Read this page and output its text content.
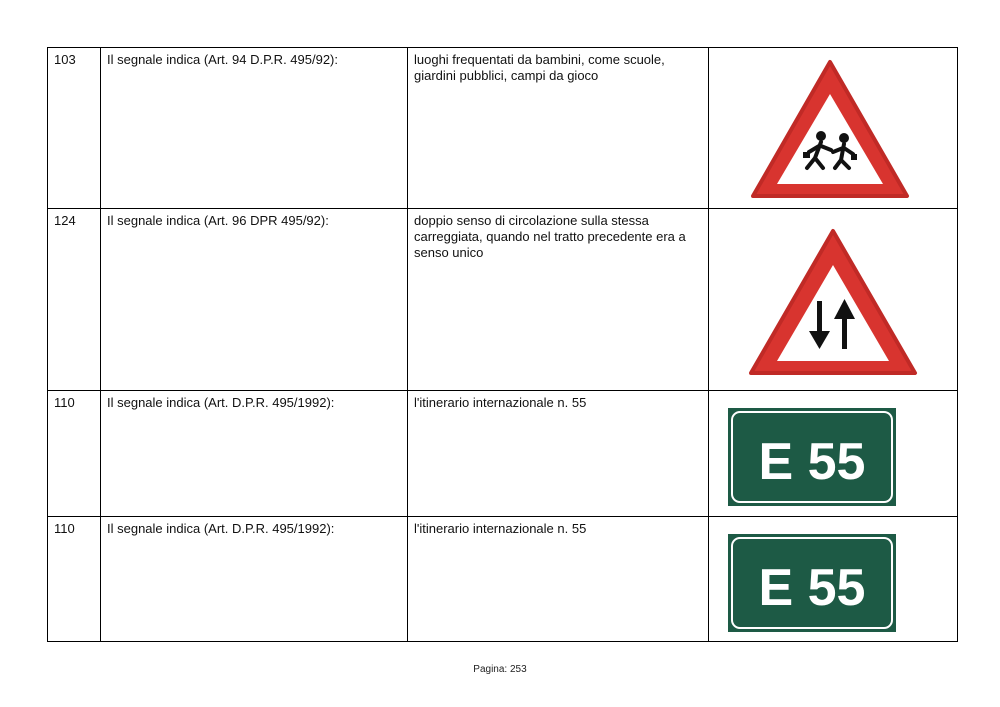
103	Il segnale indica (Art. 94 D.P.R. 495/92):	luoghi frequentati da bambini, come scuole, giardini pubblici, campi da gioco	

124	Il segnale indica (Art. 96 DPR 495/92):	doppio senso di circolazione sulla stessa carreggiata, quando nel tratto precedente era a senso unico	

110	Il segnale indica (Art. D.P.R. 495/1992):	l'itinerario internazionale n. 55	E 55

110	Il segnale indica (Art. D.P.R. 495/1992):	l'itinerario internazionale n. 55	E 55
Pagina: 253
